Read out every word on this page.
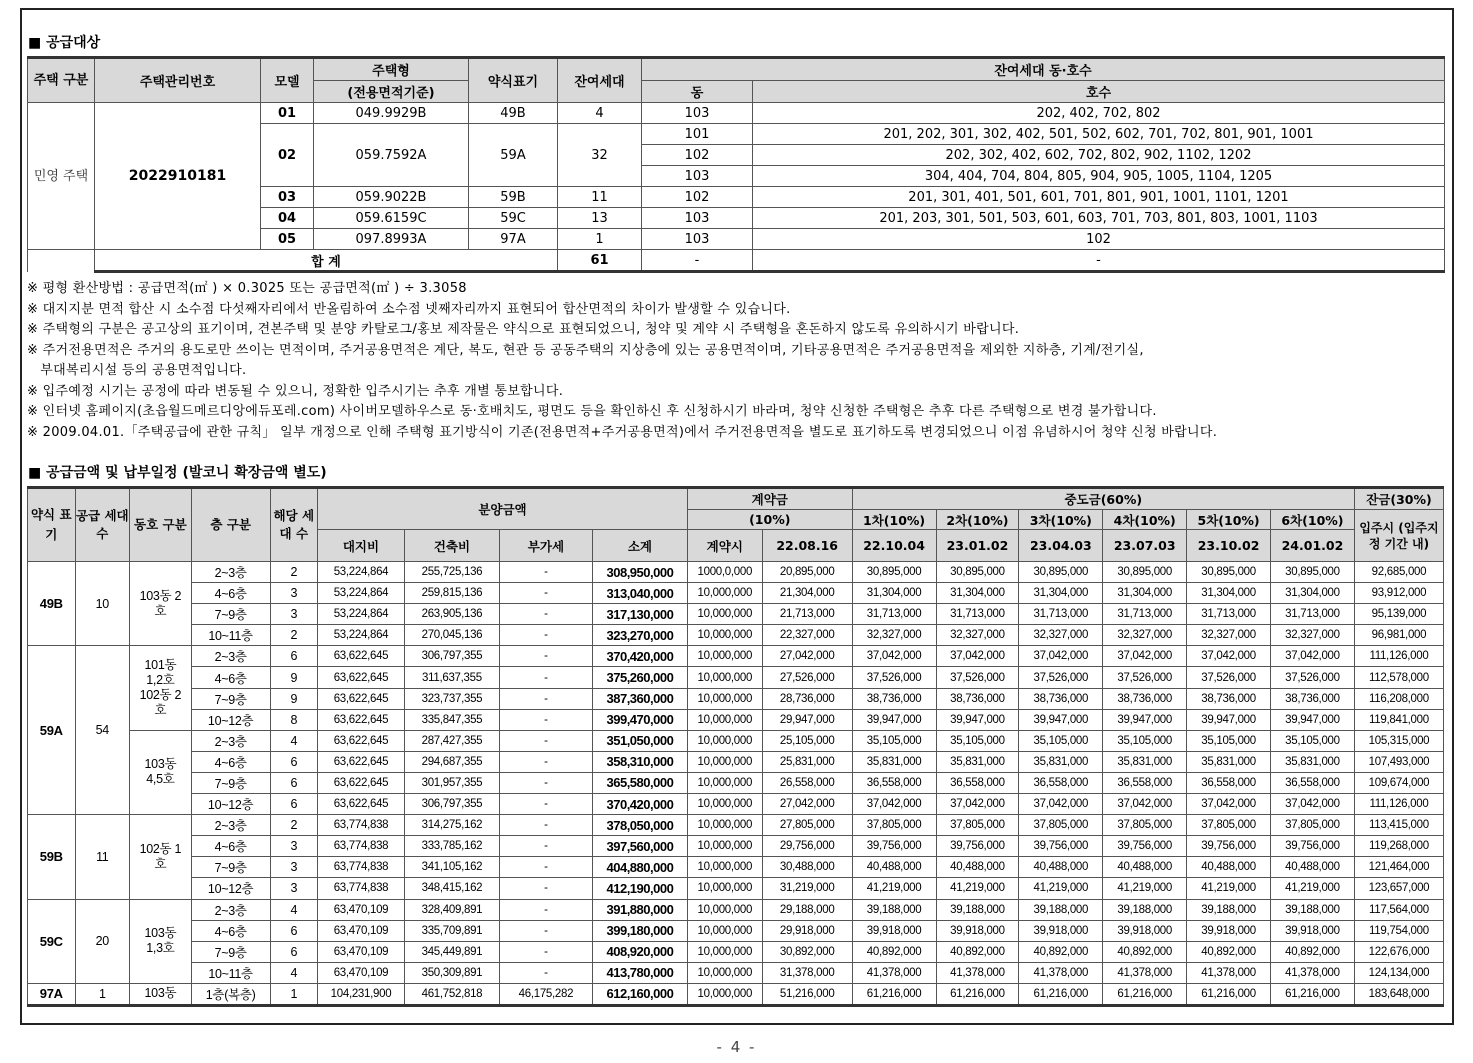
■ 공급대상
주택 구분	주택관리번호	모델	주택형	약식표기	잔여세대	잔여세대 동·호수	
			(전용면적기준)			동	호수
민영 주택	2022910181	01	049.9929B	49B	4	103	202, 402, 702, 802
		02	059.7592A	59A	32	101	201, 202, 301, 302, 402, 501, 502, 602, 701, 702, 801, 901, 1001
						102	202, 302, 402, 602, 702, 802, 902, 1102, 1202
						103	304, 404, 704, 804, 805, 904, 905, 1005, 1104, 1205
		03	059.9022B	59B	11	102	201, 301, 401, 501, 601, 701, 801, 901, 1001, 1101, 1201
		04	059.6159C	59C	13	103	201, 203, 301, 501, 503, 601, 603, 701, 703, 801, 803, 1001, 1103
		05	097.8993A	97A	1	103	102
	합 계				61	-	-
※ 평형 환산방법 : 공급면적(㎡ ) × 0.3025 또는 공급면적(㎡ ) ÷ 3.3058
※ 대지지분 면적 합산 시 소수점 다섯째자리에서 반올림하여 소수점 넷째자리까지 표현되어 합산면적의 차이가 발생할 수 있습니다.
※ 주택형의 구분은 공고상의 표기이며, 견본주택 및 분양 카탈로그/홍보 제작물은 약식으로 표현되었으니, 청약 및 계약 시 주택형을 혼돈하지 않도록 유의하시기 바랍니다.
※ 주거전용면적은 주거의 용도로만 쓰이는 면적이며, 주거공용면적은 계단, 복도, 현관 등 공동주택의 지상층에 있는 공용면적이며, 기타공용면적은 주거공용면적을 제외한 지하층, 기계/전기실,
부대복리시설 등의 공용면적입니다.
※ 입주예정 시기는 공정에 따라 변동될 수 있으니, 정확한 입주시기는 추후 개별 통보합니다.
※ 인터넷 홈페이지(초읍월드메르디앙에듀포레.com) 사이버모델하우스로 동·호배치도, 평면도 등을 확인하신 후 신청하시기 바라며, 청약 신청한 주택형은 추후 다른 주택형으로 변경 불가합니다.
※ 2009.04.01.「주택공급에 관한 규칙」 일부 개정으로 인해 주택형 표기방식이 기존(전용면적+주거공용면적)에서 주거전용면적을 별도로 표기하도록 변경되었으니 이점 유념하시어 청약 신청 바랍니다.
■ 공급금액 및 납부일정 (발코니 확장금액 별도)
약식 표기	공급 세대 수	동호 구분	층 구분	해당 세대 수	분양금액				계약금		중도금(60%)						잔금(30%)
									(10%)		1차(10%)	2차(10%)	3차(10%)	4차(10%)	5차(10%)	6차(10%)	입주시 (입주지정 기간 내)
					대지비	건축비	부가세	소계	계약시	22.08.16	22.10.04	23.01.02	23.04.03	23.07.03	23.10.02	24.01.02	
49B	10	103동 2호	2~3층	2	53,224,864	255,725,136	-	308,950,000	1000,0,000	20,895,000	30,895,000	30,895,000	30,895,000	30,895,000	30,895,000	30,895,000	92,685,000
			4~6층	3	53,224,864	259,815,136	-	313,040,000	10,000,000	21,304,000	31,304,000	31,304,000	31,304,000	31,304,000	31,304,000	31,304,000	93,912,000
			7~9층	3	53,224,864	263,905,136	-	317,130,000	10,000,000	21,713,000	31,713,000	31,713,000	31,713,000	31,713,000	31,713,000	31,713,000	95,139,000
			10~11층	2	53,224,864	270,045,136	-	323,270,000	10,000,000	22,327,000	32,327,000	32,327,000	32,327,000	32,327,000	32,327,000	32,327,000	96,981,000
59A	54	101동 1,2호 102동 2호	2~3층	6	63,622,645	306,797,355	-	370,420,000	10,000,000	27,042,000	37,042,000	37,042,000	37,042,000	37,042,000	37,042,000	37,042,000	111,126,000
			4~6층	9	63,622,645	311,637,355	-	375,260,000	10,000,000	27,526,000	37,526,000	37,526,000	37,526,000	37,526,000	37,526,000	37,526,000	112,578,000
			7~9층	9	63,622,645	323,737,355	-	387,360,000	10,000,000	28,736,000	38,736,000	38,736,000	38,736,000	38,736,000	38,736,000	38,736,000	116,208,000
			10~12층	8	63,622,645	335,847,355	-	399,470,000	10,000,000	29,947,000	39,947,000	39,947,000	39,947,000	39,947,000	39,947,000	39,947,000	119,841,000
		103동 4,5호	2~3층	4	63,622,645	287,427,355	-	351,050,000	10,000,000	25,105,000	35,105,000	35,105,000	35,105,000	35,105,000	35,105,000	35,105,000	105,315,000
			4~6층	6	63,622,645	294,687,355	-	358,310,000	10,000,000	25,831,000	35,831,000	35,831,000	35,831,000	35,831,000	35,831,000	35,831,000	107,493,000
			7~9층	6	63,622,645	301,957,355	-	365,580,000	10,000,000	26,558,000	36,558,000	36,558,000	36,558,000	36,558,000	36,558,000	36,558,000	109,674,000
			10~12층	6	63,622,645	306,797,355	-	370,420,000	10,000,000	27,042,000	37,042,000	37,042,000	37,042,000	37,042,000	37,042,000	37,042,000	111,126,000
59B	11	102동 1호	2~3층	2	63,774,838	314,275,162	-	378,050,000	10,000,000	27,805,000	37,805,000	37,805,000	37,805,000	37,805,000	37,805,000	37,805,000	113,415,000
			4~6층	3	63,774,838	333,785,162	-	397,560,000	10,000,000	29,756,000	39,756,000	39,756,000	39,756,000	39,756,000	39,756,000	39,756,000	119,268,000
			7~9층	3	63,774,838	341,105,162	-	404,880,000	10,000,000	30,488,000	40,488,000	40,488,000	40,488,000	40,488,000	40,488,000	40,488,000	121,464,000
			10~12층	3	63,774,838	348,415,162	-	412,190,000	10,000,000	31,219,000	41,219,000	41,219,000	41,219,000	41,219,000	41,219,000	41,219,000	123,657,000
59C	20	103동 1,3호	2~3층	4	63,470,109	328,409,891	-	391,880,000	10,000,000	29,188,000	39,188,000	39,188,000	39,188,000	39,188,000	39,188,000	39,188,000	117,564,000
			4~6층	6	63,470,109	335,709,891	-	399,180,000	10,000,000	29,918,000	39,918,000	39,918,000	39,918,000	39,918,000	39,918,000	39,918,000	119,754,000
			7~9층	6	63,470,109	345,449,891	-	408,920,000	10,000,000	30,892,000	40,892,000	40,892,000	40,892,000	40,892,000	40,892,000	40,892,000	122,676,000
			10~11층	4	63,470,109	350,309,891	-	413,780,000	10,000,000	31,378,000	41,378,000	41,378,000	41,378,000	41,378,000	41,378,000	41,378,000	124,134,000
97A	1	103동	1층(복층)	1	104,231,900	461,752,818	46,175,282	612,160,000	10,000,000	51,216,000	61,216,000	61,216,000	61,216,000	61,216,000	61,216,000	61,216,000	183,648,000
- 4 -
